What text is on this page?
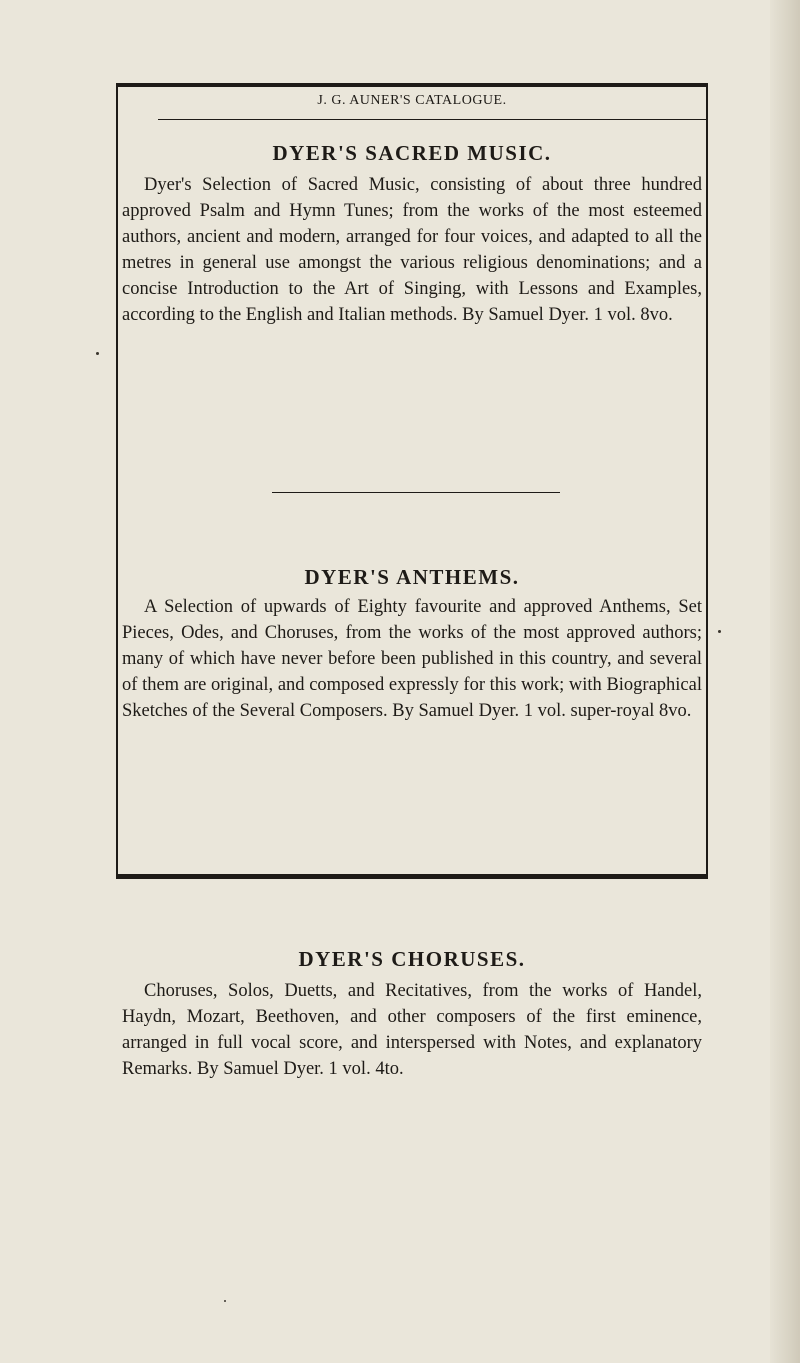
J. G. AUNER'S CATALOGUE.
DYER'S SACRED MUSIC.

Dyer's Selection of Sacred Music, consisting of about three hundred approved Psalm and Hymn Tunes; from the works of the most esteemed authors, ancient and modern, arranged for four voices, and adapted to all the metres in general use amongst the various religious denominations; and a concise Introduction to the Art of Singing, with Lessons and Examples, according to the English and Italian methods. By Samuel Dyer. 1 vol. 8vo.

DYER'S ANTHEMS.

A Selection of upwards of Eighty favourite and approved Anthems, Set Pieces, Odes, and Choruses, from the works of the most approved authors; many of which have never before been published in this country, and several of them are original, and composed expressly for this work; with Biographical Sketches of the Several Composers. By Samuel Dyer. 1 vol. super-royal 8vo.

DYER'S CHORUSES.

Choruses, Solos, Duetts, and Recitatives, from the works of Handel, Haydn, Mozart, Beethoven, and other composers of the first eminence, arranged in full vocal score, and interspersed with Notes, and explanatory Remarks. By Samuel Dyer. 1 vol. 4to.
